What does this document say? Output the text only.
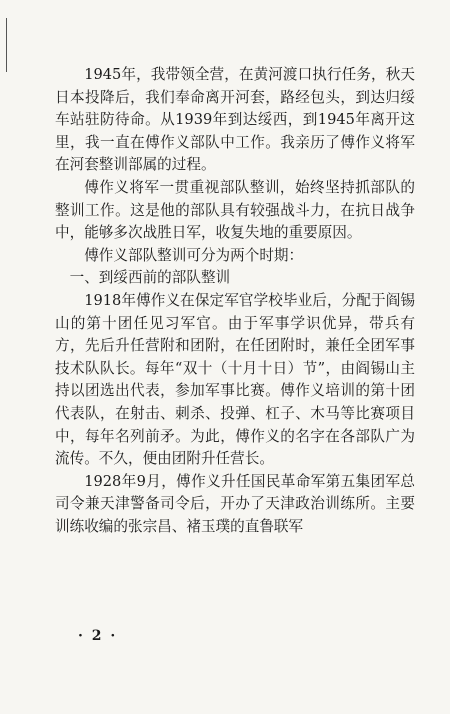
1945年，我带领全营，在黄河渡口执行任务，秋天日本投降后，我们奉命离开河套，路经包头，到达归绥车站驻防待命。从1939年到达绥西，到1945年离开这里，我一直在傅作义部队中工作。我亲历了傅作义将军在河套整训部属的过程。

傅作义将军一贯重视部队整训，始终坚持抓部队的整训工作。这是他的部队具有较强战斗力，在抗日战争中，能够多次战胜日军，收复失地的重要原因。

傅作义部队整训可分为两个时期：

一、到绥西前的部队整训

1918年傅作义在保定军官学校毕业后，分配于阎锡山的第十团任见习军官。由于军事学识优异，带兵有方，先后升任营附和团附，在任团附时，兼任全团军事技术队队长。每年“双十（十月十日）节”，由阎锡山主持以团选出代表，参加军事比赛。傅作义培训的第十团代表队，在射击、刺杀、投弹、杠子、木马等比赛项目中，每年名列前矛。为此，傅作义的名字在各部队广为流传。不久，便由团附升任营长。

1928年9月，傅作义升任国民革命军第五集团军总司令兼天津警备司令后，开办了天津政治训练所。主要训练收编的张宗昌、褚玉璞的直鲁联军

· 2 ·
